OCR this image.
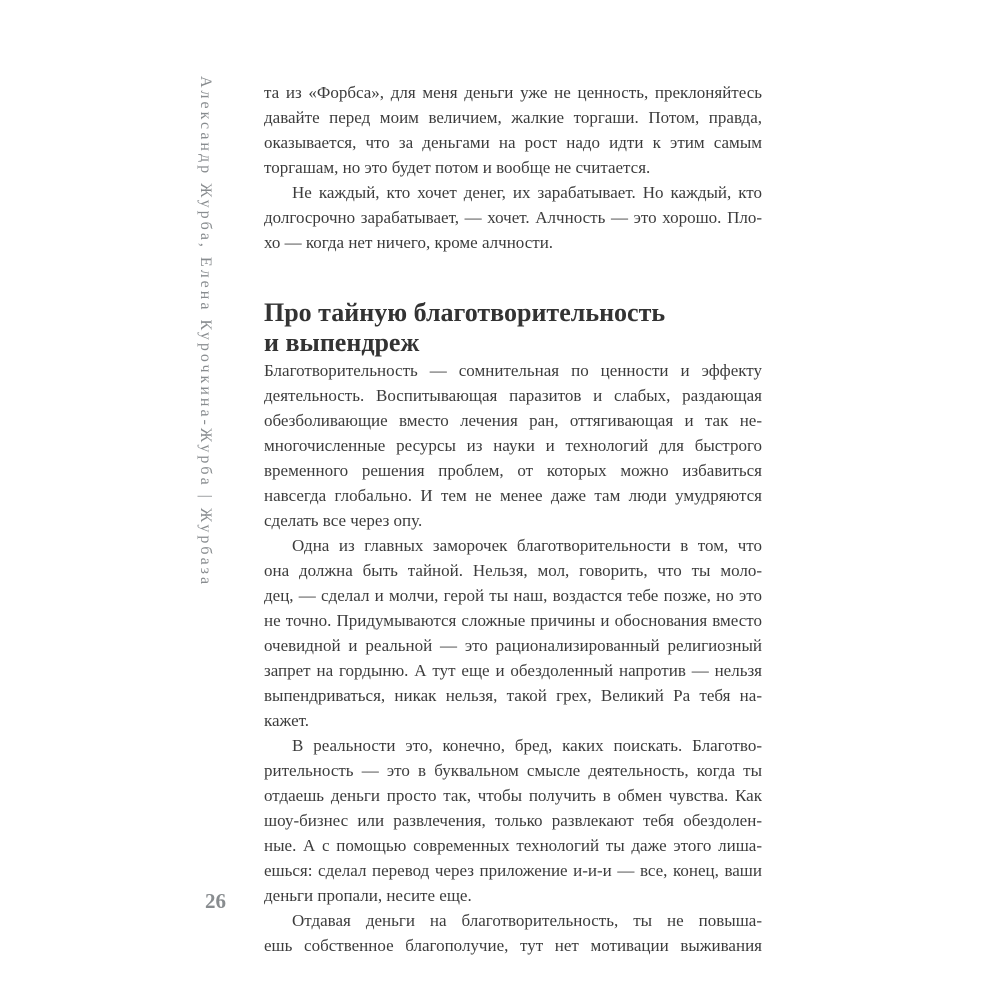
Александр Журба, Елена Курочкина-Журба | Журбаза
26
та из «Форбса», для меня деньги уже не ценность, преклоняйтесь
давайте перед моим величием, жалкие торгаши. Потом, правда,
оказывается, что за деньгами на рост надо идти к этим самым
торгашам, но это будет потом и вообще не считается.
Не каждый, кто хочет денег, их зарабатывает. Но каждый, кто
долгосрочно зарабатывает, — хочет. Алчность — это хорошо. Пло-
хо — когда нет ничего, кроме алчности.
Про тайную благотворительность
и выпендреж
Благотворительность — сомнительная по ценности и эффекту
деятельность. Воспитывающая паразитов и слабых, раздающая
обезболивающие вместо лечения ран, оттягивающая и так не-
многочисленные ресурсы из науки и технологий для быстрого
временного решения проблем, от которых можно избавиться
навсегда глобально. И тем не менее даже там люди умудряются
сделать все через опу.
Одна из главных заморочек благотворительности в том, что
она должна быть тайной. Нельзя, мол, говорить, что ты моло-
дец, — сделал и молчи, герой ты наш, воздастся тебе позже, но это
не точно. Придумываются сложные причины и обоснования вместо
очевидной и реальной — это рационализированный религиозный
запрет на гордыню. А тут еще и обездоленный напротив — нельзя
выпендриваться, никак нельзя, такой грех, Великий Ра тебя на-
кажет.
В реальности это, конечно, бред, каких поискать. Благотво-
рительность — это в буквальном смысле деятельность, когда ты
отдаешь деньги просто так, чтобы получить в обмен чувства. Как
шоу-бизнес или развлечения, только развлекают тебя обездолен-
ные. А с помощью современных технологий ты даже этого лиша-
ешься: сделал перевод через приложение и-и-и — все, конец, ваши
деньги пропали, несите еще.
Отдавая деньги на благотворительность, ты не повыша-
ешь собственное благополучие, тут нет мотивации выживания
